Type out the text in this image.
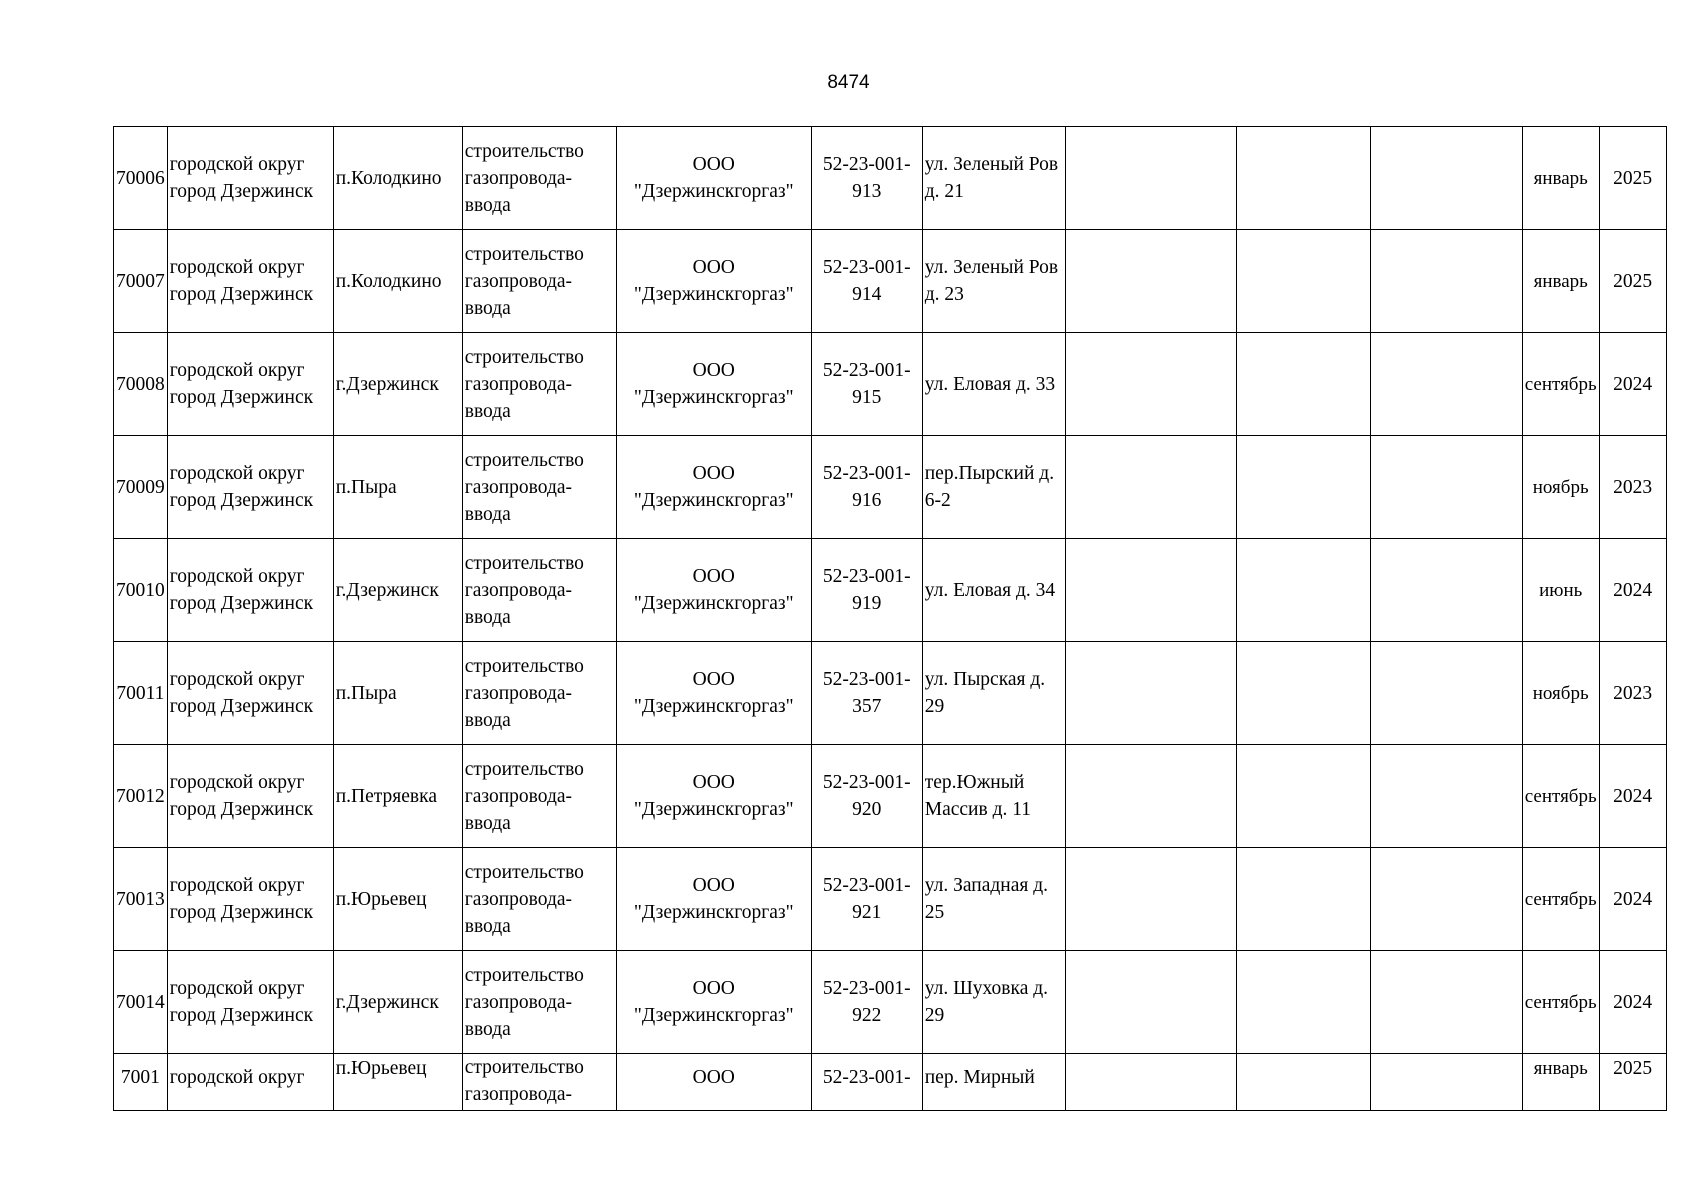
8474
70006	городской округ город Дзержинск	п.Колодкино	строительство газопровода-ввода	ООО "Дзержинскгоргаз"	52-23-001-913	ул. Зеленый Ров д. 21				январь	2025
70007	городской округ город Дзержинск	п.Колодкино	строительство газопровода-ввода	ООО "Дзержинскгоргаз"	52-23-001-914	ул. Зеленый Ров д. 23				январь	2025
70008	городской округ город Дзержинск	г.Дзержинск	строительство газопровода-ввода	ООО "Дзержинскгоргаз"	52-23-001-915	ул. Еловая д. 33				сентябрь	2024
70009	городской округ город Дзержинск	п.Пыра	строительство газопровода-ввода	ООО "Дзержинскгоргаз"	52-23-001-916	пер.Пырский д. 6-2				ноябрь	2023
70010	городской округ город Дзержинск	г.Дзержинск	строительство газопровода-ввода	ООО "Дзержинскгоргаз"	52-23-001-919	ул. Еловая д. 34				июнь	2024
70011	городской округ город Дзержинск	п.Пыра	строительство газопровода-ввода	ООО "Дзержинскгоргаз"	52-23-001-357	ул. Пырская д. 29				ноябрь	2023
70012	городской округ город Дзержинск	п.Петряевка	строительство газопровода-ввода	ООО "Дзержинскгоргаз"	52-23-001-920	тер.Южный Массив д. 11				сентябрь	2024
70013	городской округ город Дзержинск	п.Юрьевец	строительство газопровода-ввода	ООО "Дзержинскгоргаз"	52-23-001-921	ул. Западная д. 25				сентябрь	2024
70014	городской округ город Дзержинск	г.Дзержинск	строительство газопровода-ввода	ООО "Дзержинскгоргаз"	52-23-001-922	ул. Шуховка д. 29				сентябрь	2024
7001	городской округ	п.Юрьевец	строительство газопровода-	ООО	52-23-001-	пер. Мирный				январь	2025
